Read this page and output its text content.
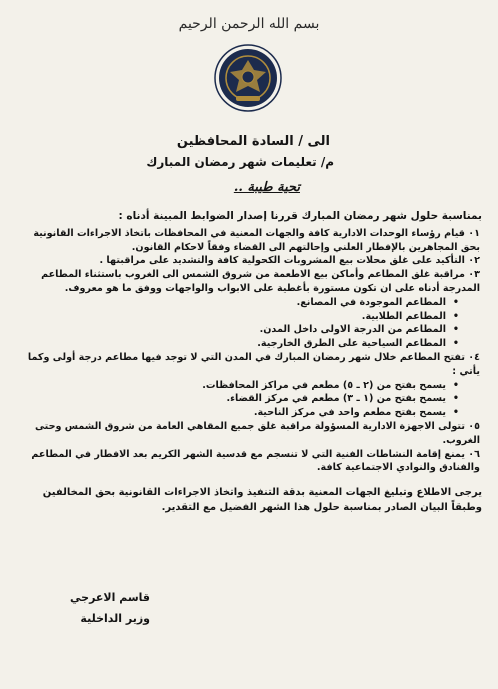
بسم الله الرحمن الرحيم
الى / السادة المحافظين
م/ تعليمات شهر رمضان المبارك
تحية طيبة ..

بمناسبة حلول شهر رمضان المبارك قررنا إصدار الضوابط المبينة أدناه :

٠١ قيام رؤساء الوحدات الادارية كافة والجهات المعنية في المحافظات باتخاذ الاجراءات القانونية بحق المجاهرين بالإفطار العلني وإحالتهم الى القضاء وفقاً لاحكام القانون.

٠٢ التأكيد على غلق محلات بيع المشروبات الكحولية كافة والتشديد على مراقبتها .

٠٣ مراقبة غلق المطاعم وأماكن بيع الاطعمة من شروق الشمس الى الغروب باستثناء المطاعم المدرجة أدناه على ان تكون مستورة بأغطية على الابواب والواجهات ووفق ما هو معروف.

• المطاعم الموجودة في المصانع.
• المطاعم الطلابية.
• المطاعم من الدرجة الاولى داخل المدن.
• المطاعم السياحية على الطرق الخارجية.

٠٤ تفتح المطاعم خلال شهر رمضان المبارك في المدن التي لا توجد فيها مطاعم درجة أولى وكما يأتي :

• يسمح بفتح من (٢ ـ ٥) مطعم في مراكز المحافظات.
• يسمح بفتح من (١ ـ ٣) مطعم في مركز القضاء.
• يسمح بفتح مطعم واحد في مركز الناحية.

٠٥ تتولى الاجهزة الادارية المسؤولة مراقبة غلق جميع المقاهي العامة من شروق الشمس وحتى الغروب.

٠٦ يمنع إقامة النشاطات الفنية التي لا تنسجم مع قدسية الشهر الكريم بعد الافطار في المطاعم والفنادق والنوادي الاجتماعية كافة.

يرجى الاطلاع وتبليغ الجهات المعنية بدقة التنفيذ واتخاذ الاجراءات القانونية بحق المخالفين وطبقاً البيان الصادر بمناسبة حلول هذا الشهر الفضيل مع التقدير.

قاسم الاعرجي
وزير الداخلية
